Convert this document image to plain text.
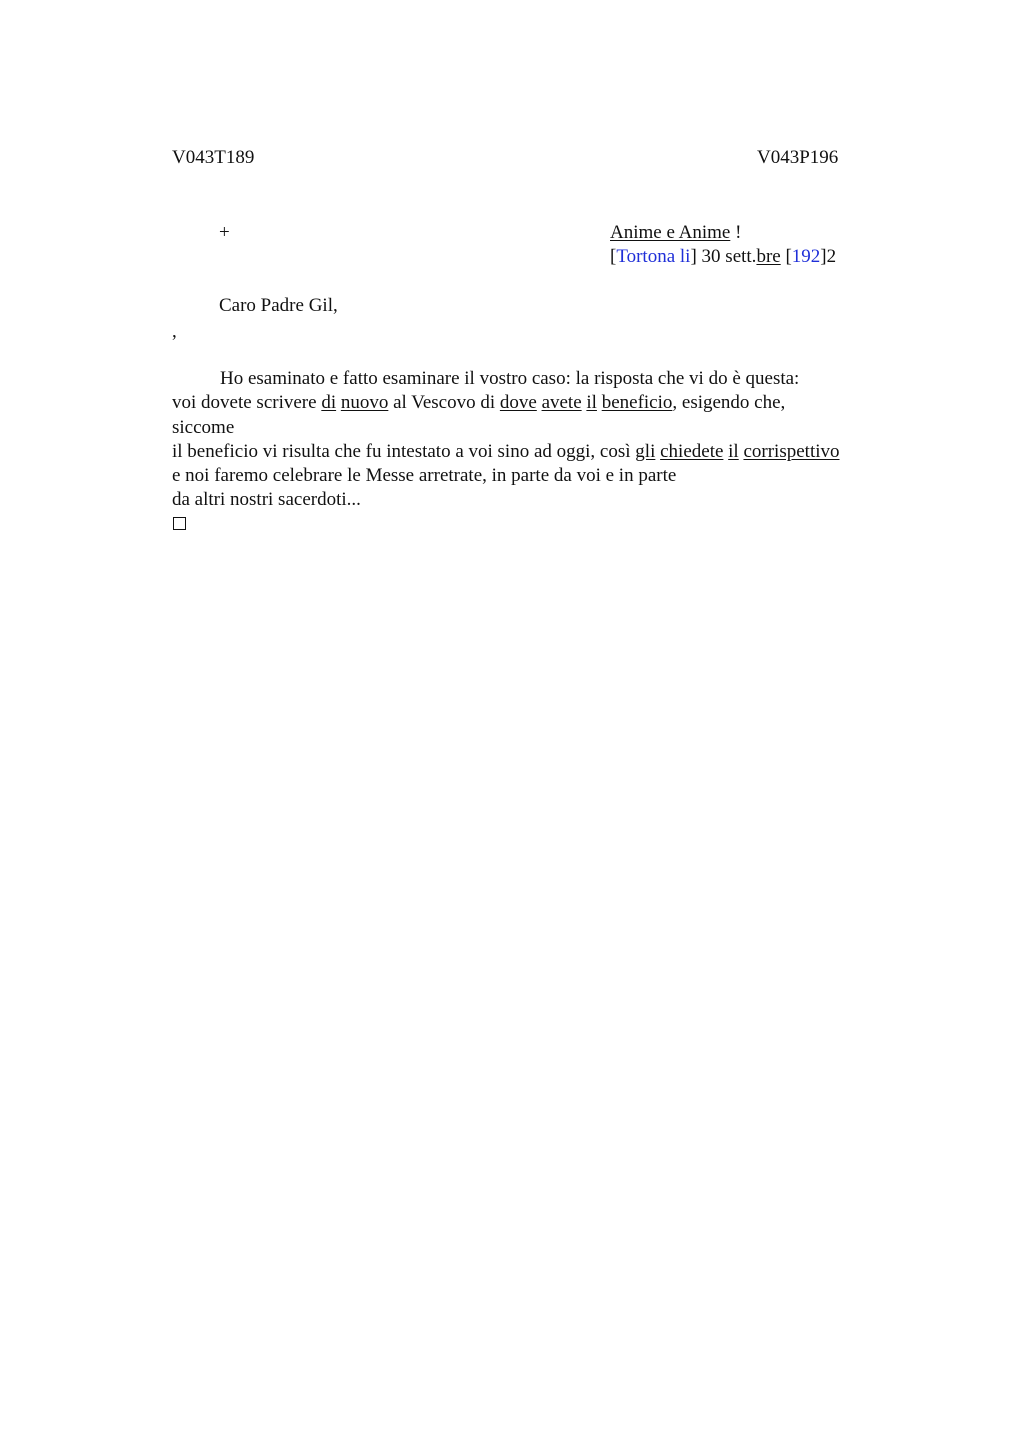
V043T189	V043P196
+	Anime e Anime !
[Tortona li] 30 sett.bre [192]2
Caro Padre Gil,
,
Ho esaminato e fatto esaminare il vostro caso: la risposta che vi do è questa:
voi dovete scrivere di nuovo al Vescovo di dove avete il beneficio, esigendo che,
siccome
il beneficio vi risulta che fu intestato a voi sino ad oggi, così gli chiedete il corrispettivo
e noi faremo celebrare le Messe arretrate, in parte da voi e in parte
da altri nostri sacerdoti...
